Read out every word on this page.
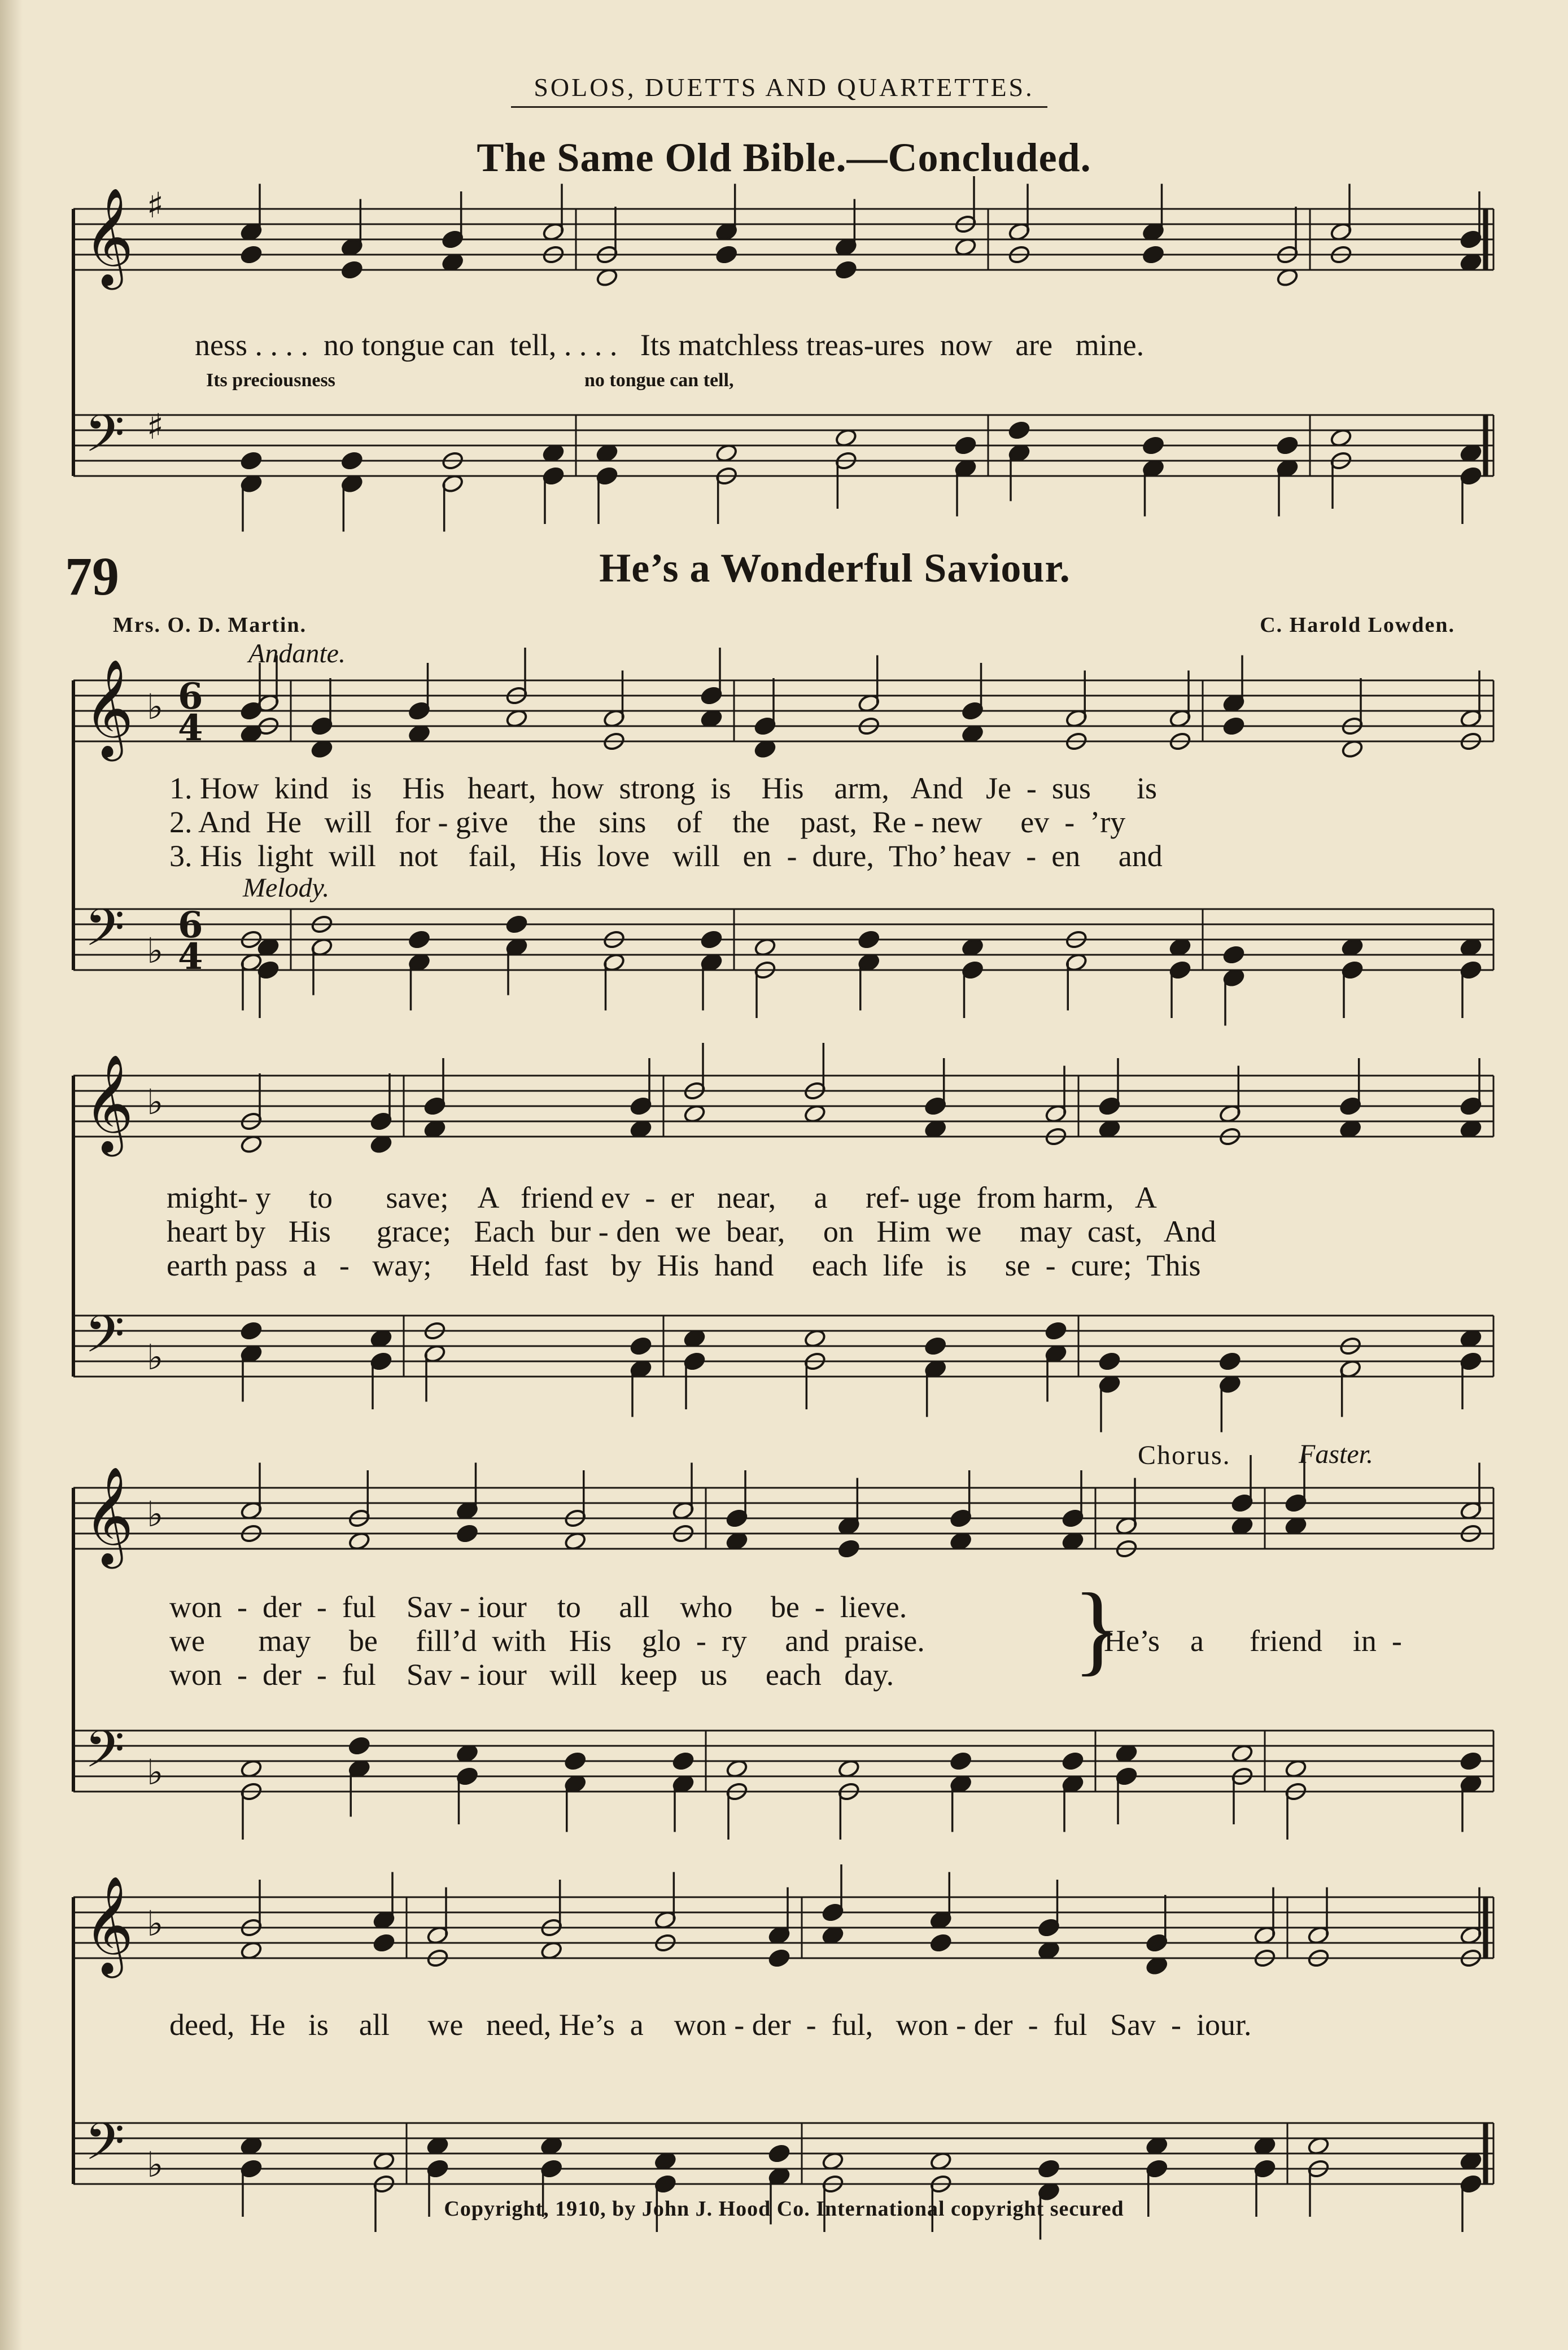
SOLOS, DUETTS AND QUARTETTES.
The Same Old Bible.—Concluded.
79	He’s a Wonderful Saviour.
Mrs. O. D. Martin.	C. Harold Lowden.
Andante.
Melody.
Chorus.	Faster.
𝄞
𝄢
♯
♯
𝄞
𝄢
♭
♭
6
4
6
4
𝄞
𝄢
♭
♭
𝄞
𝄢
♭
♭
𝄞
𝄢
♭
♭
ness . . . .  no tongue can  tell, . . . .   Its matchless treas-ures  now   are   mine.
Its preciousness	no tongue can tell,
1. How  kind   is    His   heart,  how  strong  is    His    arm,   And   Je  -  sus      is
2. And  He   will   for - give    the   sins    of    the    past,  Re - new     ev  -  ’ry
3. His  light  will   not    fail,   His  love   will   en  -  dure,  Tho’ heav  -  en     and
might- y     to       save;    A   friend ev  -  er   near,     a     ref- uge  from harm,   A
heart by   His      grace;   Each  bur - den  we  bear,     on   Him  we     may  cast,   And
earth pass  a   -   way;     Held  fast   by  His  hand     each  life   is     se  -  cure;  This
won  -  der  -  ful    Sav - iour    to     all    who     be  -  lieve.
we       may     be     fill’d  with   His    glo  -  ry     and  praise.
won  -  der  -  ful    Sav - iour   will   keep   us     each   day. }
He’s    a      friend    in  -
deed,  He   is    all     we   need, He’s  a    won - der  -  ful,   won - der  -  ful   Sav  -  iour.
Copyright, 1910, by John J. Hood Co. International copyright secured
